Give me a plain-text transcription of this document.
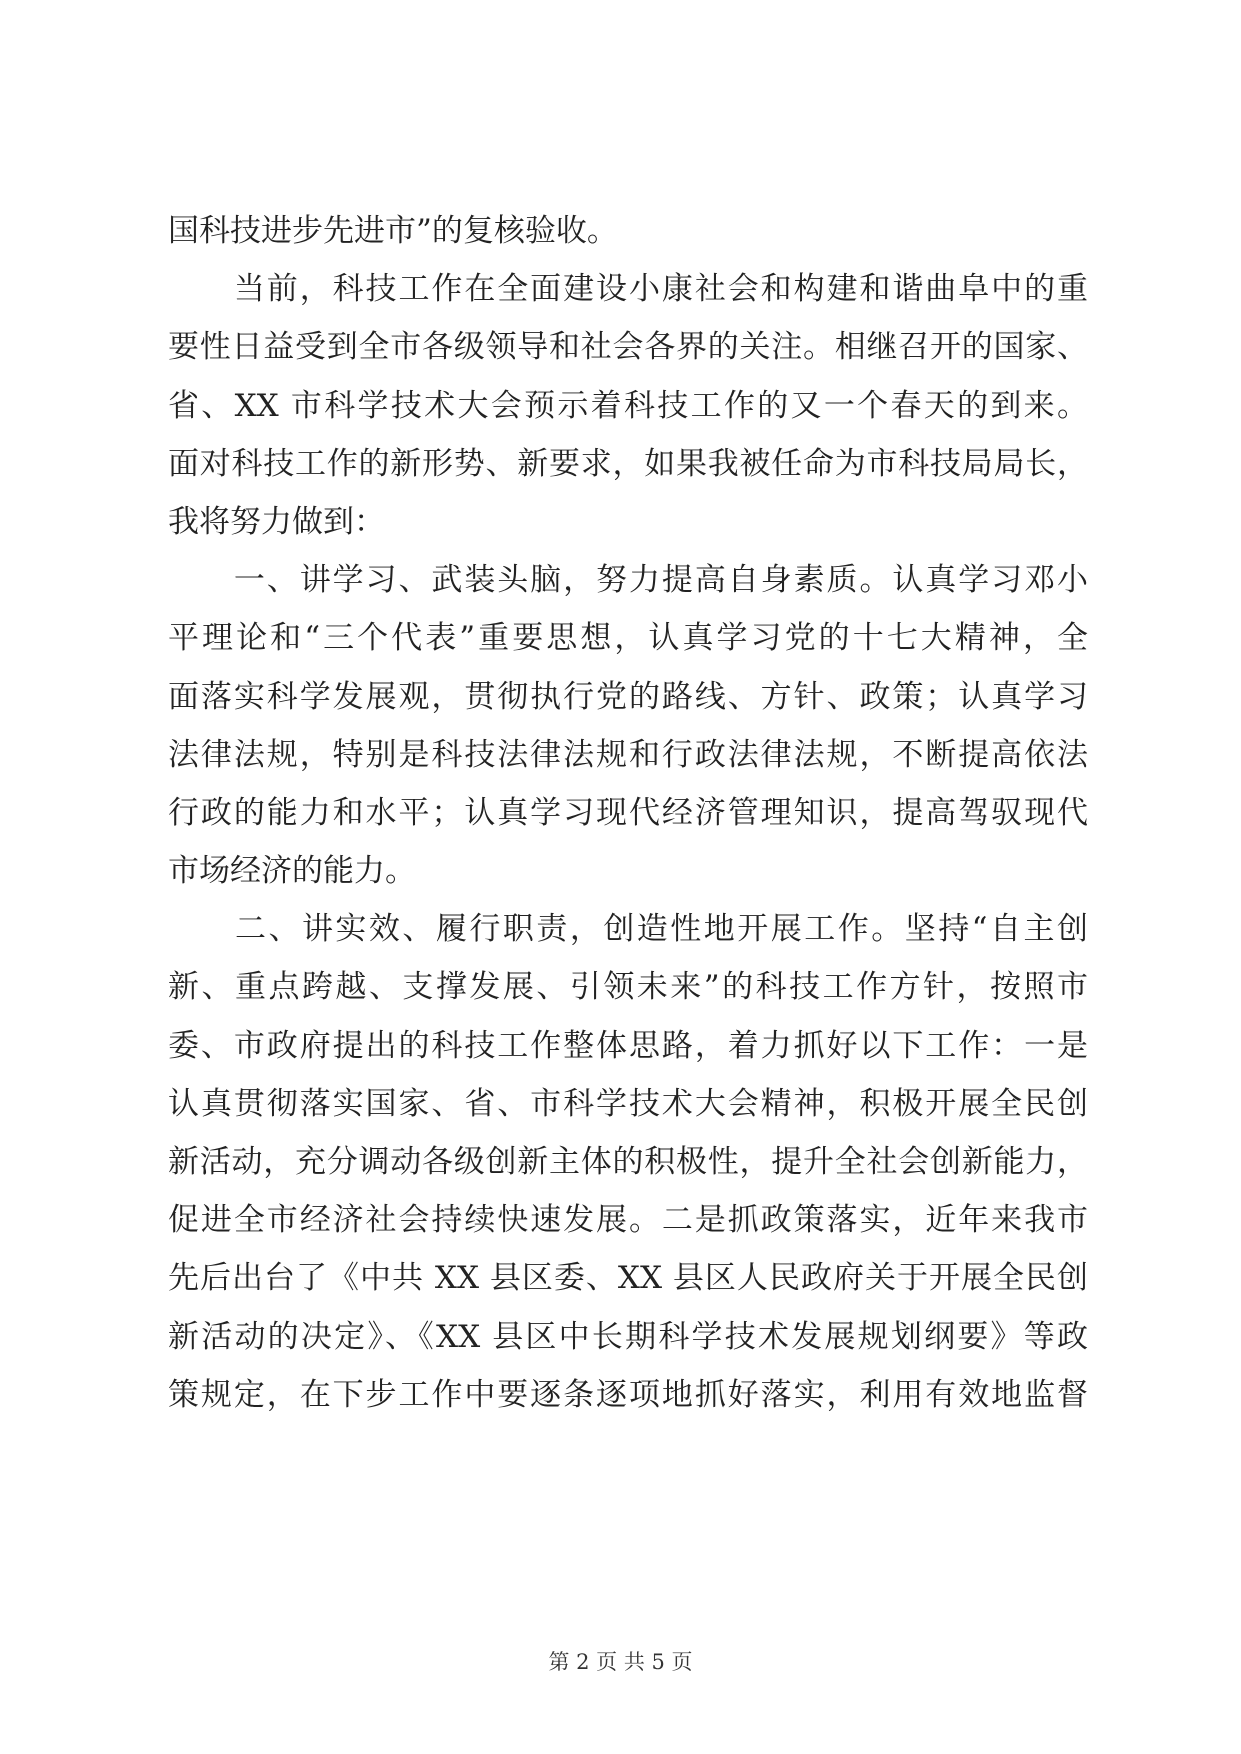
国科技进步先进市”的复核验收。
　　当前，科技工作在全面建设小康社会和构建和谐曲阜中的重
要性日益受到全市各级领导和社会各界的关注。相继召开的国家、
省、XX 市科学技术大会预示着科技工作的又一个春天的到来。
面对科技工作的新形势、新要求，如果我被任命为市科技局局长，
我将努力做到：
　　一、讲学习、武装头脑，努力提高自身素质。认真学习邓小
平理论和“三个代表”重要思想，认真学习党的十七大精神，全
面落实科学发展观，贯彻执行党的路线、方针、政策；认真学习
法律法规，特别是科技法律法规和行政法律法规，不断提高依法
行政的能力和水平；认真学习现代经济管理知识，提高驾驭现代
市场经济的能力。
　　二、讲实效、履行职责，创造性地开展工作。坚持“自主创
新、重点跨越、支撑发展、引领未来”的科技工作方针，按照市
委、市政府提出的科技工作整体思路，着力抓好以下工作：一是
认真贯彻落实国家、省、市科学技术大会精神，积极开展全民创
新活动，充分调动各级创新主体的积极性，提升全社会创新能力，
促进全市经济社会持续快速发展。二是抓政策落实，近年来我市
先后出台了《中共 XX 县区委、XX 县区人民政府关于开展全民创
新活动的决定》、《XX 县区中长期科学技术发展规划纲要》等政
策规定，在下步工作中要逐条逐项地抓好落实，利用有效地监督
第 2 页 共 5 页
